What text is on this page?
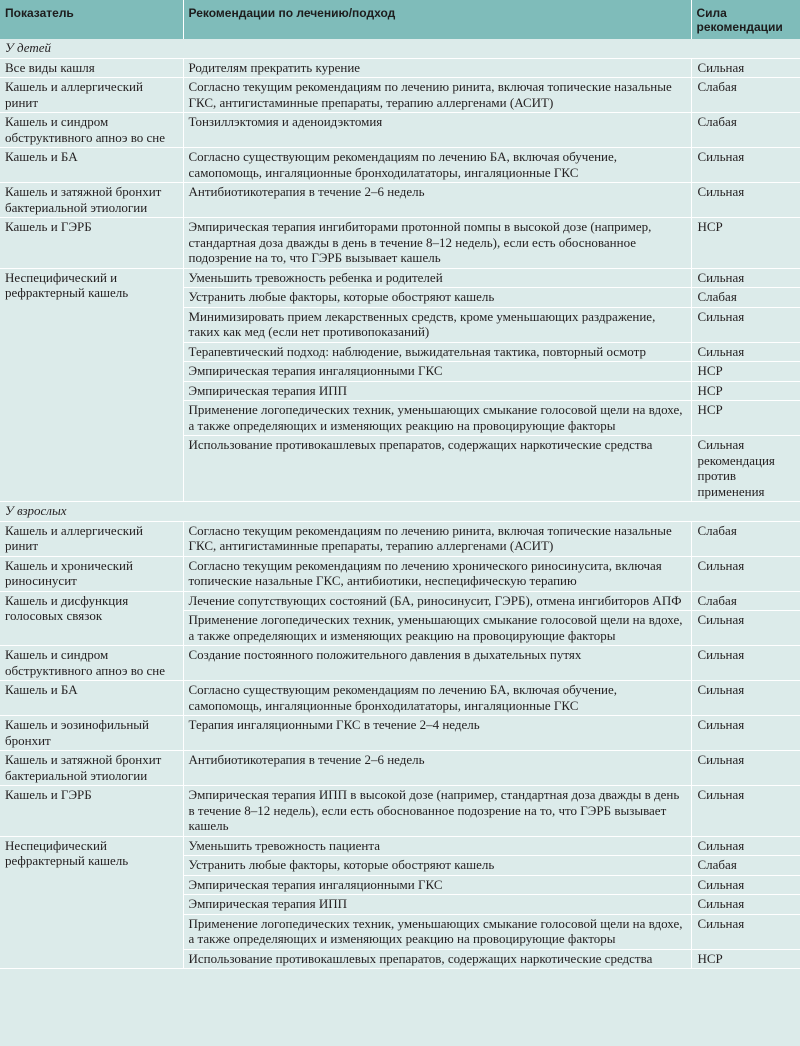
Показатель	Рекомендации по лечению/подход	Сила рекомендации
У детей		
Все виды кашля	Родителям прекратить курение	Сильная
Кашель и аллергический ринит	Согласно текущим рекомендациям по лечению ринита, включая топические назальные ГКС, антигистаминные препараты, терапию аллергенами (АСИТ)	Слабая
Кашель и синдром обструктивного апноэ во сне	Тонзиллэктомия и аденоидэктомия	Слабая
Кашель и БА	Согласно существующим рекомендациям по лечению БА, включая обучение, самопомощь, ингаляционные бронходилататоры, ингаляционные ГКС	Сильная
Кашель и затяжной бронхит бактериальной этиологии	Антибиотикотерапия в течение 2–6 недель	Сильная
Кашель и ГЭРБ	Эмпирическая терапия ингибиторами протонной помпы в высокой дозе (например, стандартная доза дважды в день в течение 8–12 недель), если есть обоснованное подозрение на то, что ГЭРБ вызывает кашель	НСР
Неспецифический и рефрактерный кашель	Уменьшить тревожность ребенка и родителей	Сильная
	Устранить любые факторы, которые обостряют кашель	Слабая
	Минимизировать прием лекарственных средств, кроме уменьшающих раздражение, таких как мед (если нет противопоказаний)	Сильная
	Терапевтический подход: наблюдение, выжидательная тактика, повторный осмотр	Сильная
	Эмпирическая терапия ингаляционными ГКС	НСР
	Эмпирическая терапия ИПП	НСР
	Применение логопедических техник, уменьшающих смыкание голосовой щели на вдохе, а также определяющих и изменяющих реакцию на провоцирующие факторы	НСР
	Использование противокашлевых препаратов, содержащих наркотические средства	Сильная рекомендация против применения
У взрослых		
Кашель и аллергический ринит	Согласно текущим рекомендациям по лечению ринита, включая топические назальные ГКС, антигистаминные препараты, терапию аллергенами (АСИТ)	Слабая
Кашель и хронический риносинусит	Согласно текущим рекомендациям по лечению хронического риносинусита, включая топические назальные ГКС, антибиотики, неспецифическую терапию	Сильная
Кашель и дисфункция голосовых связок	Лечение сопутствующих состояний (БА, риносинусит, ГЭРБ), отмена ингибиторов АПФ	Слабая
	Применение логопедических техник, уменьшающих смыкание голосовой щели на вдохе, а также определяющих и изменяющих реакцию на провоцирующие факторы	Сильная
Кашель и синдром обструктивного апноэ во сне	Создание постоянного положительного давления в дыхательных путях	Сильная
Кашель и БА	Согласно существующим рекомендациям по лечению БА, включая обучение, самопомощь, ингаляционные бронходилататоры, ингаляционные ГКС	Сильная
Кашель и эозинофильный бронхит	Терапия ингаляционными ГКС в течение 2–4 недель	Сильная
Кашель и затяжной бронхит бактериальной этиологии	Антибиотикотерапия в течение 2–6 недель	Сильная
Кашель и ГЭРБ	Эмпирическая терапия ИПП в высокой дозе (например, стандартная доза дважды в день в течение 8–12 недель), если есть обоснованное подозрение на то, что ГЭРБ вызывает кашель	Сильная
Неспецифический рефрактерный кашель	Уменьшить тревожность пациента	Сильная
	Устранить любые факторы, которые обостряют кашель	Слабая
	Эмпирическая терапия ингаляционными ГКС	Сильная
	Эмпирическая терапия ИПП	Сильная
	Применение логопедических техник, уменьшающих смыкание голосовой щели на вдохе, а также определяющих и изменяющих реакцию на провоцирующие факторы	Сильная
	Использование противокашлевых препаратов, содержащих наркотические средства	НСР
